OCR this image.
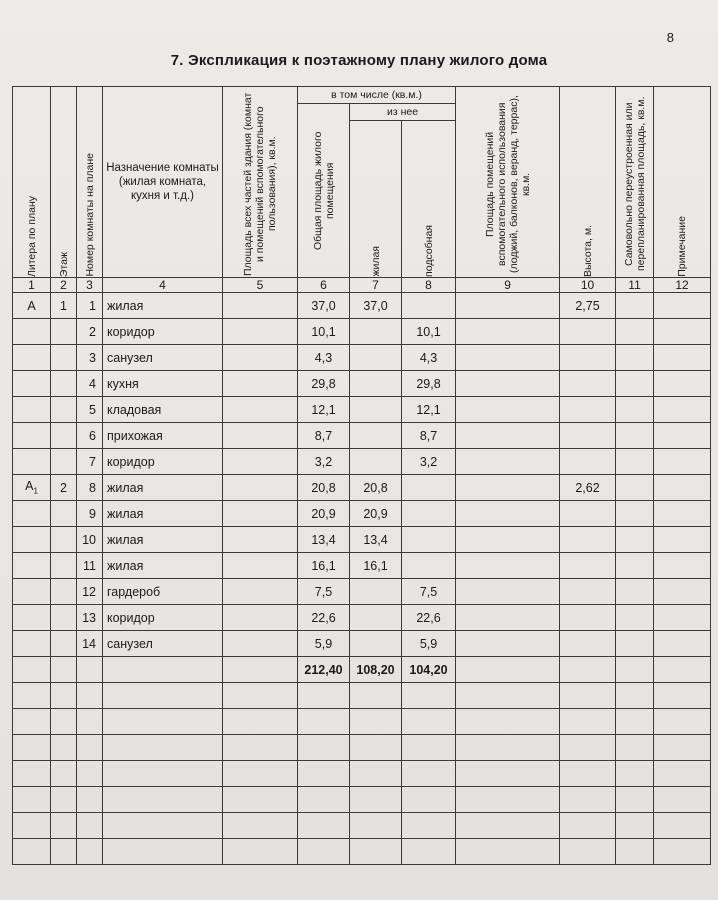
8
7. Экспликация к поэтажному плану жилого дома
Литера по плану	Этаж	Номер комнаты на плане	Назначение комнаты (жилая комната, кухня и т.д.)	Площадь всех частей здания (комнат и помещений вспомогательного пользования), кв.м.	в том числе (кв.м.)			Площадь помещений вспомогательного использования (лоджий, балконов, веранд, террас), кв.м.	Высота, м.	Самовольно переустроенная или перепланированная площадь, кв.м.	Примечание

					Общая площадь жилого помещения	из нее					

						жилая	подсобная				

1	2	3	4	5	6	7	8	9	10	11	12
А	1	1	жилая		37,0	37,0			2,75		
		2	коридор		10,1		10,1				
		3	санузел		4,3		4,3				
		4	кухня		29,8		29,8				
		5	кладовая		12,1		12,1				
		6	прихожая		8,7		8,7				
		7	коридор		3,2		3,2				
$А_1$	2	8	жилая		20,8	20,8			2,62		
		9	жилая		20,9	20,9					
		10	жилая		13,4	13,4					
		11	жилая		16,1	16,1					
		12	гардероб		7,5		7,5				
		13	коридор		22,6		22,6				
		14	санузел		5,9		5,9				
					212,40	108,20	104,20				
